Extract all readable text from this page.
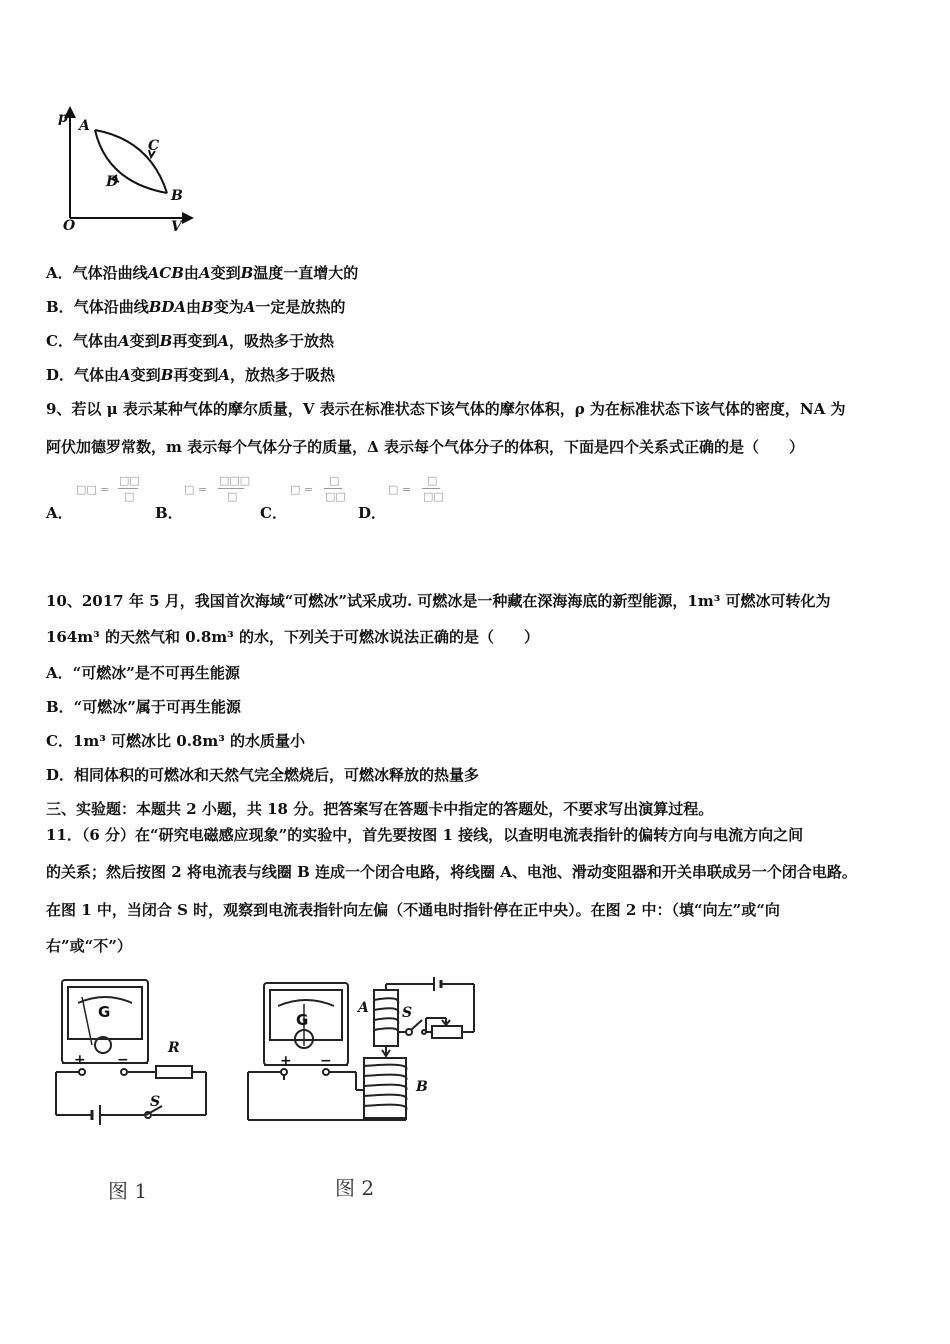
p A
C
D
B
O	V
A．气体沿曲线ACB由A变到B温度一直增大的
B．气体沿曲线BDA由B变为A一定是放热的
C．气体由A变到B再变到A，吸热多于放热
D．气体由A变到B再变到A，放热多于吸热
9、若以 μ 表示某种气体的摩尔质量，V 表示在标准状态下该气体的摩尔体积，ρ 为在标准状态下该气体的密度，NA 为
阿伏加德罗常数，m 表示每个气体分子的质量，Δ 表示每个气体分子的体积，下面是四个关系式正确的是（　　）
A．	B．	C．	D．
□□ =
□□
□
□ =
□□□
□
□ =
□
□□
□ =
□
□□
10、2017 年 5 月，我国首次海域“可燃冰”试采成功. 可燃冰是一种藏在深海海底的新型能源，1m³ 可燃冰可转化为
164m³ 的天然气和 0.8m³ 的水，下列关于可燃冰说法正确的是（　　）
A．“可燃冰”是不可再生能源
B．“可燃冰”属于可再生能源
C．1m³ 可燃冰比 0.8m³ 的水质量小
D．相同体积的可燃冰和天然气完全燃烧后，可燃冰释放的热量多
三、实验题：本题共 2 小题，共 18 分。把答案写在答题卡中指定的答题处，不要求写出演算过程。
11．（6 分）在“研究电磁感应现象”的实验中，首先要按图 1 接线，以查明电流表指针的偏转方向与电流方向之间
的关系；然后按图 2 将电流表与线圈 B 连成一个闭合电路，将线圈 A、电池、滑动变阻器和开关串联成另一个闭合电路。
在图 1 中，当闭合 S 时，观察到电流表指针向左偏（不通电时指针停在正中央）。在图 2 中：（填“向左”或“向
右”或“不”）
G
+ −
R
S
图 1
G
+ −
A S
B
图 2
